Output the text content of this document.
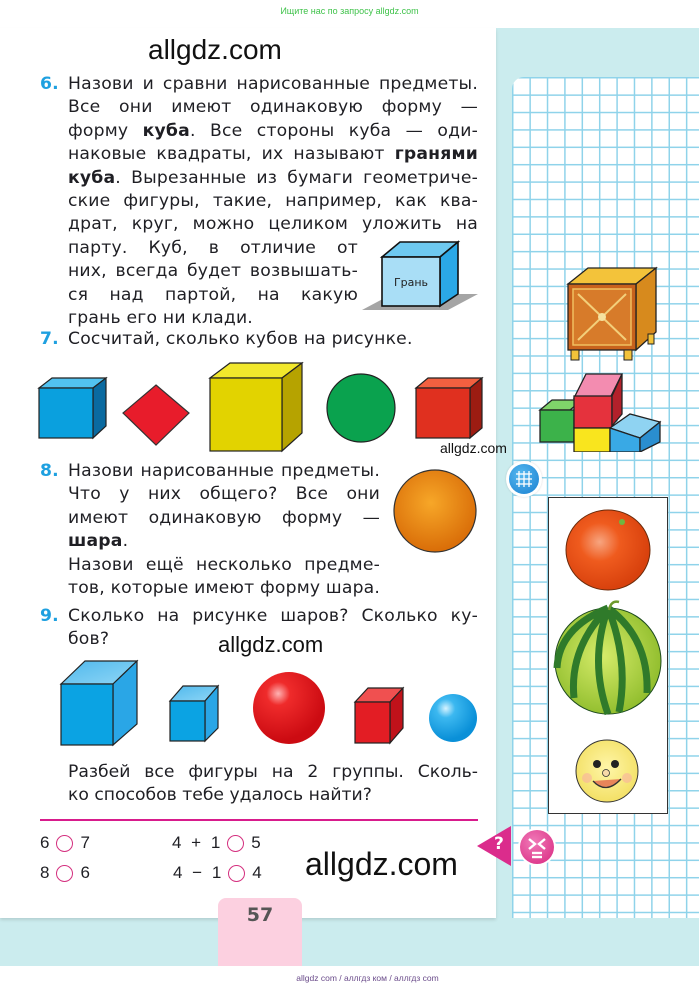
Ищите нас по запросу allgdz.com
allgdz.com
6. Назови и сравни нарисованные предметы.
Все они имеют одинаковую форму —
форму куба. Все стороны куба — оди-
наковые квадраты, их называют гранями
куба. Вырезанные из бумаги геометриче-
ские фигуры, такие, например, как ква-
драт, круг, можно целиком уложить на
парту. Куб, в отличие от
них, всегда будет возвышать-
ся над партой, на какую
грань его ни клади.
Грань
7. Сосчитай, сколько кубов на рисунке.
allgdz.com
8. Назови нарисованные предметы.
Что у них общего? Все они
имеют одинаковую форму —
шара.
Назови ещё несколько предме-
тов, которые имеют форму шара.
9. Сколько на рисунке шаров? Сколько ку-
бов?	allgdz.com
Разбей все фигуры на 2 группы. Сколь-
ко способов тебе удалось найти?
6 7
8 6
4 + 1 5
4 − 1 4 allgdz.com
?
57
allgdz com / аллгдз ком / аллгдз com
